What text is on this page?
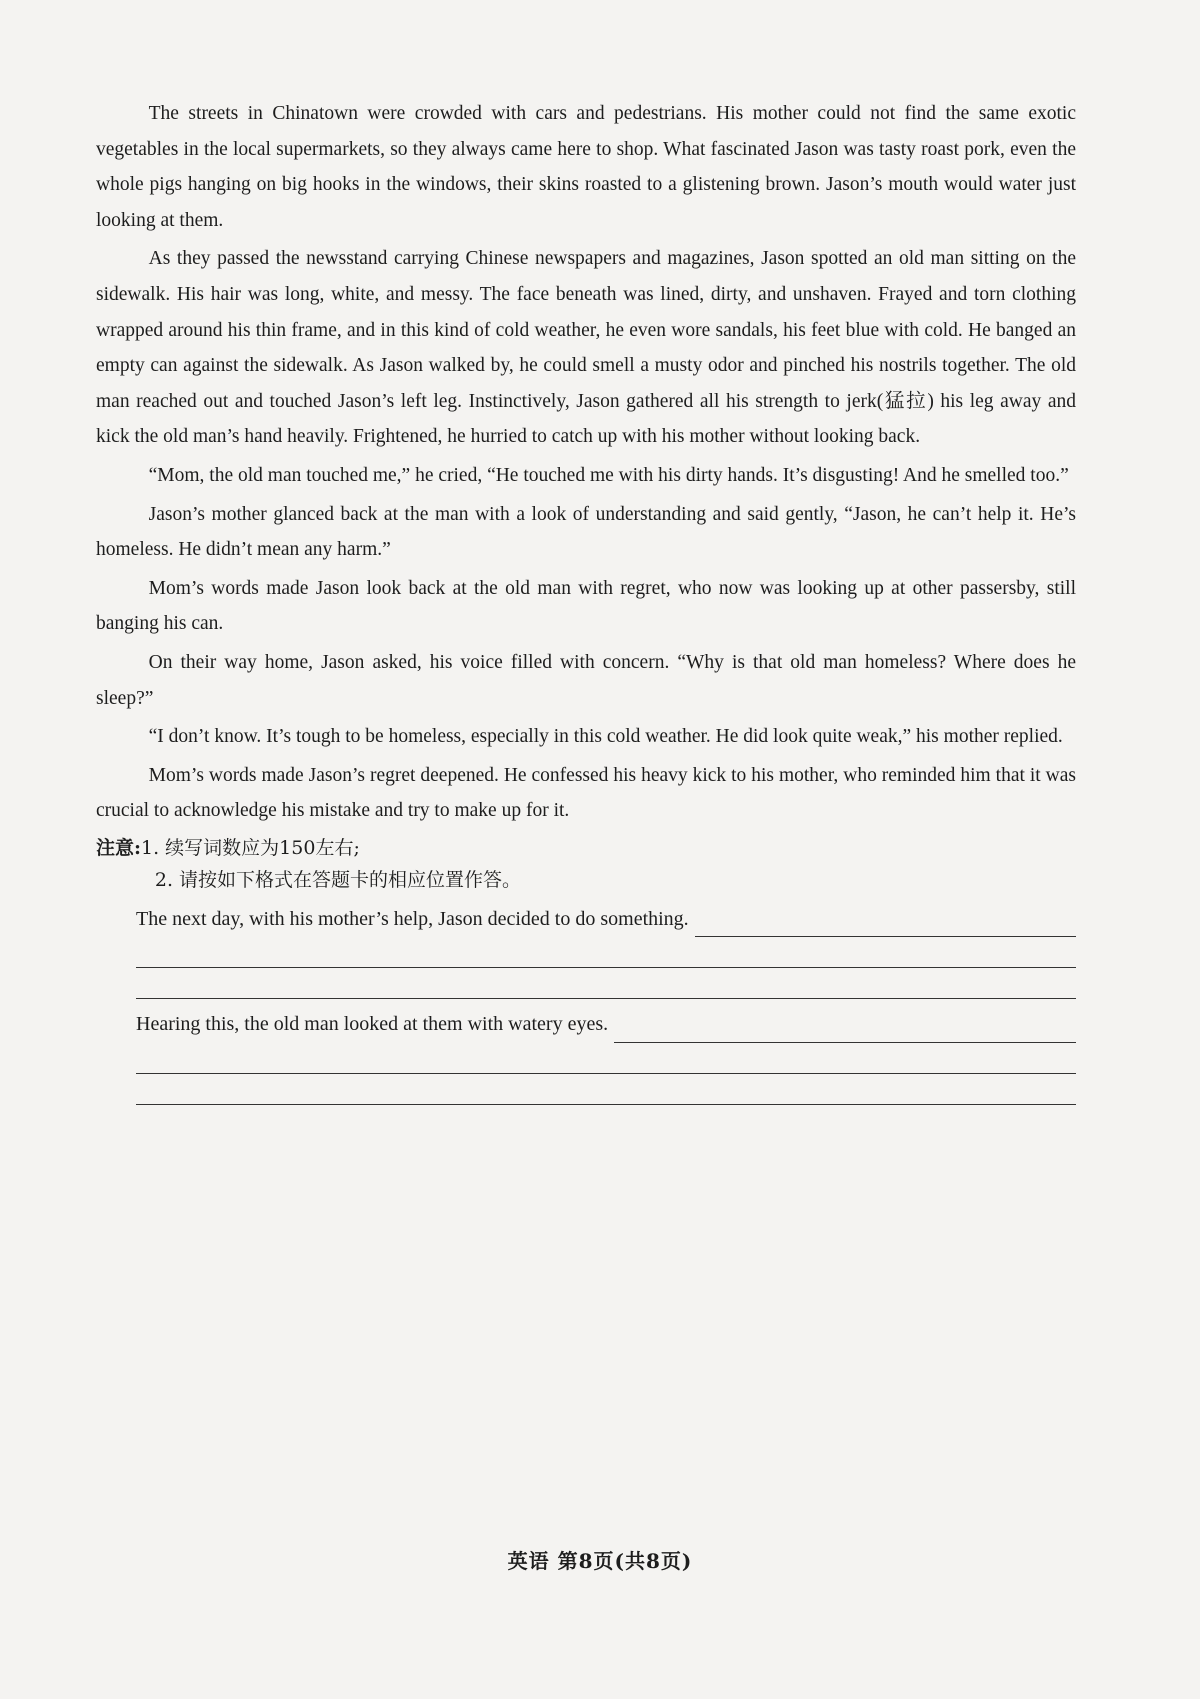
The streets in Chinatown were crowded with cars and pedestrians. His mother could not find the same exotic vegetables in the local supermarkets, so they always came here to shop. What fascinated Jason was tasty roast pork, even the whole pigs hanging on big hooks in the windows, their skins roasted to a glistening brown. Jason’s mouth would water just looking at them.

As they passed the newsstand carrying Chinese newspapers and magazines, Jason spotted an old man sitting on the sidewalk. His hair was long, white, and messy. The face beneath was lined, dirty, and unshaven. Frayed and torn clothing wrapped around his thin frame, and in this kind of cold weather, he even wore sandals, his feet blue with cold. He banged an empty can against the sidewalk. As Jason walked by, he could smell a musty odor and pinched his nostrils together. The old man reached out and touched Jason’s left leg. Instinctively, Jason gathered all his strength to jerk(猛拉) his leg away and kick the old man’s hand heavily. Frightened, he hurried to catch up with his mother without looking back.

“Mom, the old man touched me,” he cried, “He touched me with his dirty hands. It’s disgusting! And he smelled too.”

Jason’s mother glanced back at the man with a look of understanding and said gently, “Jason, he can’t help it. He’s homeless. He didn’t mean any harm.”

Mom’s words made Jason look back at the old man with regret, who now was looking up at other passersby, still banging his can.

On their way home, Jason asked, his voice filled with concern. “Why is that old man homeless? Where does he sleep?”

“I don’t know. It’s tough to be homeless, especially in this cold weather. He did look quite weak,” his mother replied.

Mom’s words made Jason’s regret deepened. He confessed his heavy kick to his mother, who reminded him that it was crucial to acknowledge his mistake and try to make up for it.

注意:1. 续写词数应为150左右;
2. 请按如下格式在答题卡的相应位置作答。
The next day, with his mother’s help, Jason decided to do something.
Hearing this, the old man looked at them with watery eyes.
英语 第8页(共8页)
